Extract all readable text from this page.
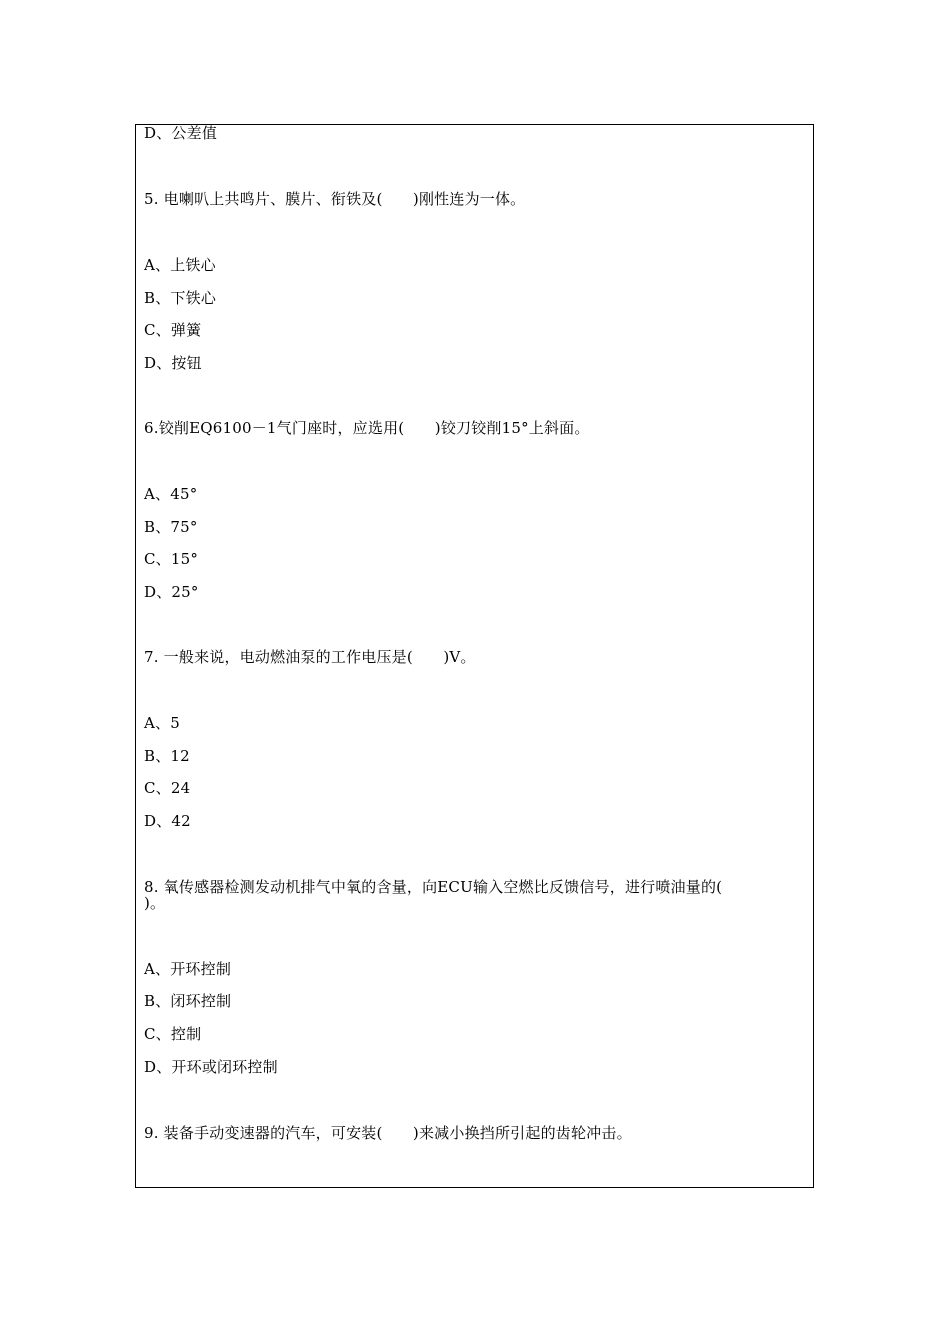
D、公差值
5. 电喇叭上共鸣片、膜片、衔铁及(　　)刚性连为一体。
A、上铁心
B、下铁心
C、弹簧
D、按钮
6.铰削EQ6100－1气门座时，应选用(　　)铰刀铰削15°上斜面。
A、45°
B、75°
C、15°
D、25°
7. 一般来说，电动燃油泵的工作电压是(　　)V。
A、5
B、12
C、24
D、42
8. 氧传感器检测发动机排气中氧的含量，向ECU输入空燃比反馈信号，进行喷油量的(
)。
A、开环控制
B、闭环控制
C、控制
D、开环或闭环控制
9. 装备手动变速器的汽车，可安装(　　)来减小换挡所引起的齿轮冲击。
